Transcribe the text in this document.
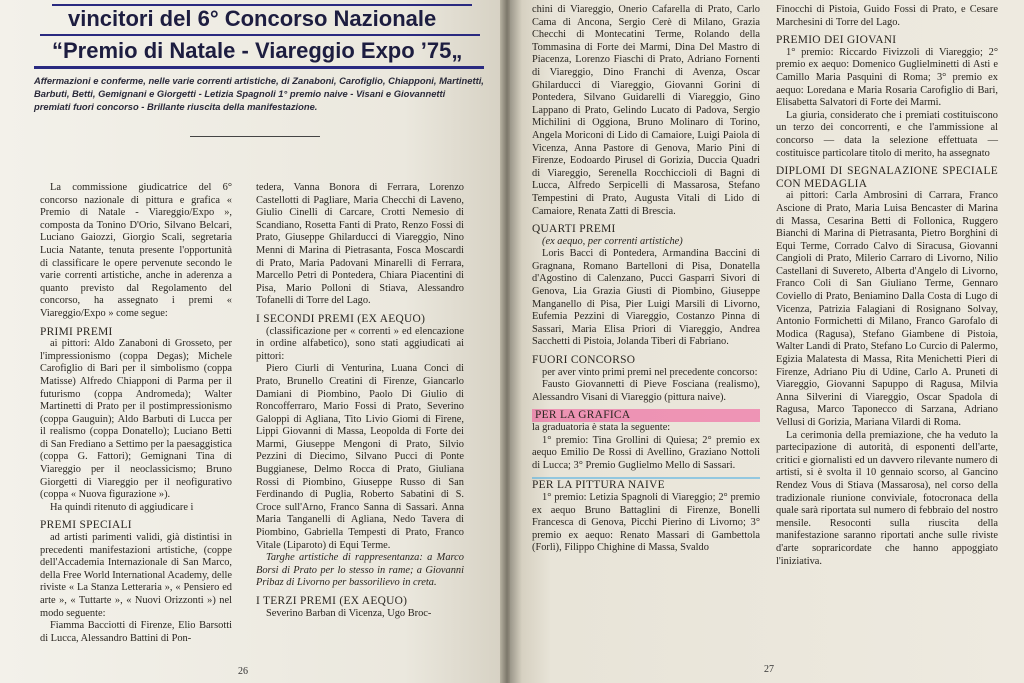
vincitori del 6° Concorso Nazionale
“Premio di Natale - Viareggio Expo ’75„
Affermazioni e conferme, nelle varie correnti artistiche, di Zanaboni, Carofiglio, Chiapponi, Martinetti, Barbuti, Betti, Gemignani e Giorgetti - Letizia Spagnoli 1° premio naive - Visani e Giovannetti premiati fuori concorso - Brillante riuscita della manifestazione.

La commissione giudicatrice del 6° concorso nazionale di pittura e grafica « Premio di Natale - Viareggio/Expo », composta da Tonino D'Orio, Silvano Belcari, Luciano Gaiozzi, Giorgio Scali, segretaria Lucia Natante, tenuta presente l'opportunità di classificare le opere pervenute secondo le varie correnti artistiche, anche in aderenza a quanto previsto dal Regolamento del concorso, ha assegnato i premi « Viareggio/Expo » come segue:

PRIMI PREMI

ai pittori: Aldo Zanaboni di Grosseto, per l'impressionismo (coppa Degas); Michele Carofiglio di Bari per il simbolismo (coppa Matisse) Alfredo Chiapponi di Parma per il futurismo (coppa Andromeda); Walter Martinetti di Prato per il postimpressionismo (coppa Gauguin); Aldo Barbuti di Lucca per il realismo (coppa Donatello); Luciano Betti di San Frediano a Settimo per la paesaggistica (coppa G. Fattori); Gemignani Tina di Viareggio per il neoclassicismo; Bruno Giorgetti di Viareggio per il neofigurativo (coppa « Nuova figurazione »).

Ha quindi ritenuto di aggiudicare i

PREMI SPECIALI

ad artisti parimenti validi, già distintisi in precedenti manifestazioni artistiche, (coppe dell'Accademia Internazionale di San Marco, della Free World International Academy, delle riviste « La Stanza Letteraria », « Pensiero ed arte », « Tuttarte », « Nuovi Orizzonti ») nel modo seguente:

Fiamma Bacciotti di Firenze, Elio Barsotti di Lucca, Alessandro Battini di Pon-

tedera, Vanna Bonora di Ferrara, Lorenzo Castellotti di Pagliare, Maria Checchi di Laveno, Giulio Cinelli di Carcare, Crotti Nemesio di Scandiano, Rosetta Fanti di Prato, Renzo Fossi di Prato, Giuseppe Ghilarducci di Viareggio, Nino Menni di Marina di Pietrasanta, Fosca Moscardi di Prato, Maria Padovani Minarelli di Ferrara, Marcello Petri di Pontedera, Chiara Piacentini di Pisa, Mario Polloni di Stiava, Alessandro Tofanelli di Torre del Lago.

I SECONDI PREMI (EX AEQUO)

(classificazione per « correnti » ed elencazione in ordine alfabetico), sono stati aggiudicati ai pittori:

Piero Ciurli di Venturina, Luana Conci di Prato, Brunello Creatini di Firenze, Giancarlo Damiani di Piombino, Paolo Di Giulio di Roncofferraro, Mario Fossi di Prato, Severino Galoppi di Agliana, Tito Livio Giomi di Firene, Lippi Giovanni di Massa, Leopolda di Forte dei Marmi, Giuseppe Mengoni di Prato, Silvio Pezzini di Diecimo, Silvano Pucci di Ponte Buggianese, Delmo Rocca di Prato, Giuliana Rossi di Piombino, Giuseppe Russo di San Ferdinando di Puglia, Roberto Sabatini di S. Croce sull'Arno, Franco Sanna di Sassari. Anna Maria Tanganelli di Agliana, Nedo Tavera di Piombino, Gabriella Tempesti di Prato, Franco Vitale (Liparoto) di Equi Terme.

Targhe artistiche di rappresentanza: a Marco Borsi di Prato per lo stesso in rame; a Giovanni Pribaz di Livorno per bassorilievo in creta.

I TERZI PREMI (EX AEQUO)

Severino Barban di Vicenza, Ugo Broc-

26

chini di Viareggio, Onerio Cafarella di Prato, Carlo Cama di Ancona, Sergio Cerè di Milano, Grazia Checchi di Montecatini Terme, Rolando della Tommasina di Forte dei Marmi, Dina Del Mastro di Piacenza, Lorenzo Fiaschi di Prato, Adriano Fornenti di Viareggio, Dino Franchi di Avenza, Oscar Ghilarducci di Viareggio, Giovanni Gorini di Pontedera, Silvano Guidarelli di Viareggio, Gino Lappano di Prato, Gelindo Lucato di Padova, Sergio Michilini di Oggiona, Bruno Molinaro di Torino, Angela Moriconi di Lido di Camaiore, Luigi Paiola di Vicenza, Anna Pastore di Genova, Mario Pini di Firenze, Eodoardo Pirusel di Gorizia, Duccia Quadri di Viareggio, Serenella Rocchiccioli di Bagni di Lucca, Alfredo Serpicelli di Massarosa, Stefano Tempestini di Prato, Augusta Vitali di Lido di Camaiore, Renata Zatti di Brescia.

QUARTI PREMI

(ex aequo, per correnti artistiche)

Loris Bacci di Pontedera, Armandina Baccini di Gragnana, Romano Bartelloni di Pisa, Donatella d'Agostino di Calenzano, Pucci Gasparri Sivori di Genova, Lia Grazia Giusti di Piombino, Giuseppe Manganello di Pisa, Pier Luigi Marsili di Livorno, Eufemia Pezzini di Viareggio, Costanzo Pinna di Sassari, Maria Elisa Priori di Viareggio, Andrea Sacchetti di Pistoia, Jolanda Tiberi di Fabriano.

FUORI CONCORSO

per aver vinto primi premi nel precedente concorso:

Fausto Giovannetti di Pieve Fosciana (realismo), Alessandro Visani di Viareggio (pittura naive).

PER LA GRAFICA

la graduatoria è stata la seguente:

1° premio: Tina Grollini di Quiesa; 2° premio ex aequo Emilio De Rossi di Avellino, Graziano Nottoli di Lucca; 3° Premio Guglielmo Mello di Sassari.

PER LA PITTURA NAIVE

1° premio: Letizia Spagnoli di Viareggio; 2° premio ex aequo Bruno Battaglini di Firenze, Bonelli Francesca di Genova, Picchi Pierino di Livorno; 3° premio ex aequo: Renato Massari di Gambettola (Forlì), Filippo Chighine di Massa, Svaldo

Finocchi di Pistoia, Guido Fossi di Prato, e Cesare Marchesini di Torre del Lago.

PREMIO DEI GIOVANI

1° premio: Riccardo Fivizzoli di Viareggio; 2° premio ex aequo: Domenico Guglielminetti di Asti e Camillo Maria Pasquini di Roma; 3° premio ex aequo: Loredana e Maria Rosaria Carofiglio di Bari, Elisabetta Salvatori di Forte dei Marmi.

La giuria, considerato che i premiati costituiscono un terzo dei concorrenti, e che l'ammissione al concorso — data la selezione effettuata — costituisce particolare titolo di merito, ha assegnato

DIPLOMI DI SEGNALAZIONE SPECIALE CON MEDAGLIA

ai pittori: Carla Ambrosini di Carrara, Franco Ascione di Prato, Maria Luisa Bencaster di Marina di Massa, Cesarina Betti di Follonica, Ruggero Bianchi di Marina di Pietrasanta, Pietro Borghini di Equi Terme, Corrado Calvo di Siracusa, Giovanni Cangioli di Prato, Milerio Carraro di Livorno, Nilio Castellani di Suvereto, Alberta d'Angelo di Livorno, Franco Coli di San Giuliano Terme, Gennaro Coviello di Prato, Beniamino Dalla Costa di Lugo di Vicenza, Patrizia Falagiani di Rosignano Solvay, Antonio Formichetti di Milano, Franco Garofalo di Modica (Ragusa), Stefano Giambene di Pistoia, Walter Landi di Prato, Stefano Lo Curcio di Palermo, Egizia Malatesta di Massa, Rita Menichetti Pieri di Firenze, Adriano Piu di Udine, Carlo A. Pruneti di Viareggio, Giovanni Sapuppo di Ragusa, Milvia Anna Silverini di Viareggio, Oscar Spadola di Ragusa, Marco Taponecco di Sarzana, Adriano Vellusi di Gorizia, Mariana Vilardi di Roma.

La cerimonia della premiazione, che ha veduto la partecipazione di autorità, di esponenti dell'arte, critici e giornalisti ed un davvero rilevante numero di artisti, si è svolta il 10 gennaio scorso, al Gancino Rendez Vous di Stiava (Massarosa), nel corso della tradizionale riunione conviviale, fotocronaca della quale sarà riportata sul numero di febbraio del nostro mensile. Resoconti sulla riuscita della manifestazione saranno riportati anche sulle riviste d'arte sopraricordate che hanno appoggiato l'iniziativa.

27
